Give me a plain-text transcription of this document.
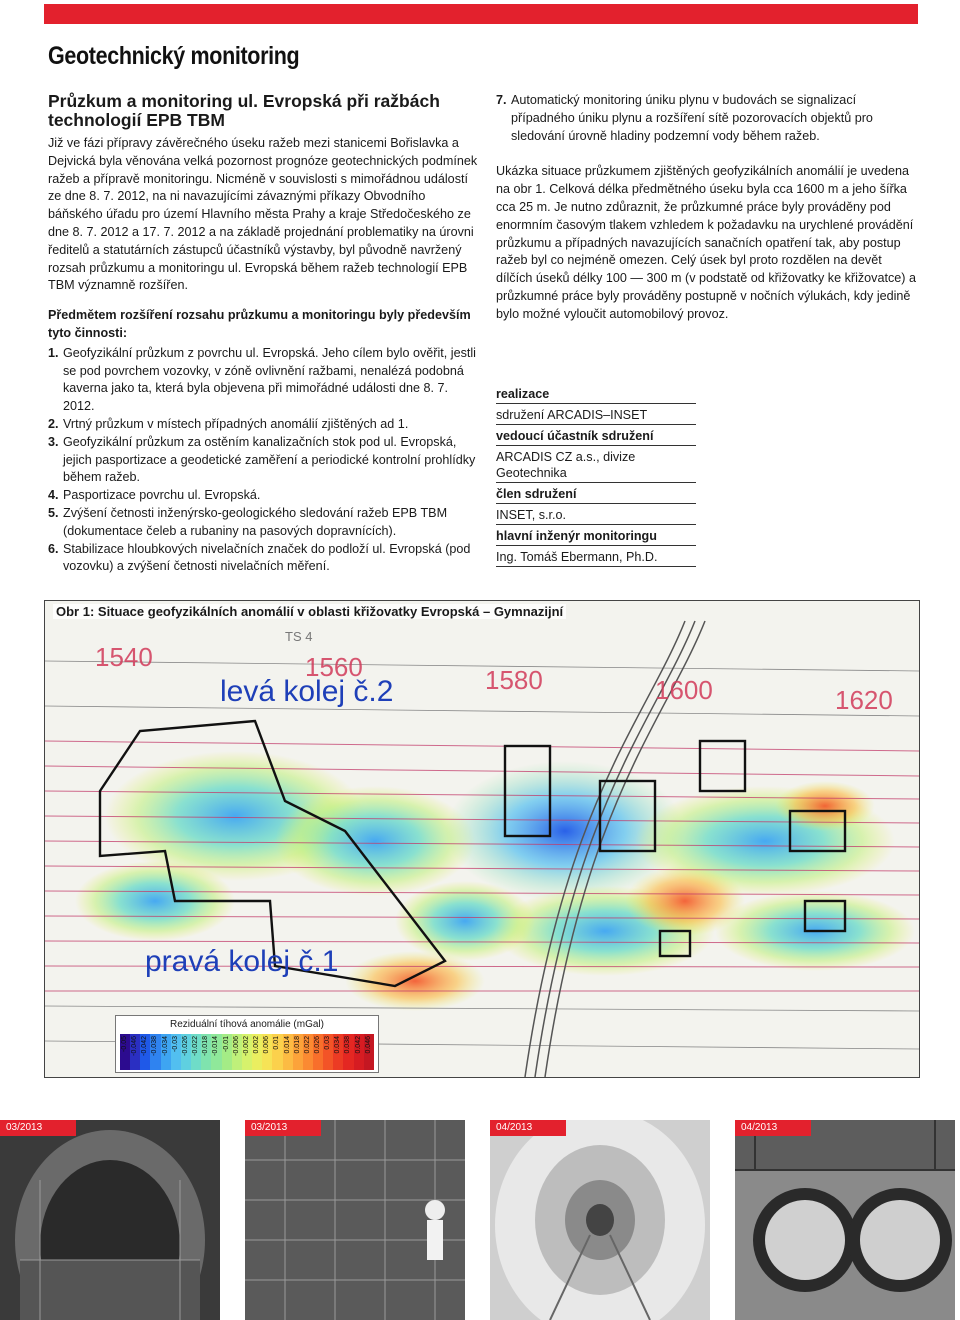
Geotechnický monitoring
Průzkum a monitoring ul. Evropská při ražbách technologií EPB TBM

Již ve fázi přípravy závěrečného úseku ražeb mezi stanicemi Bořislavka a Dejvická byla věnována velká pozornost prognóze geotechnických podmínek ražeb a přípravě monitoringu. Nicméně v souvislosti s mimořádnou událostí ze dne 8. 7. 2012, na ni navazujícími závaznými příkazy Obvodního báňského úřadu pro území Hlavního města Prahy a kraje Středočeského ze dne 8. 7. 2012 a 17. 7. 2012 a na základě projednání problematiky na úrovni ředitelů a statutárních zástupců účastníků výstavby, byl původně navržený rozsah průzkumu a monitoringu ul. Evropská během ražeb technologií EPB TBM významně rozšířen.

Předmětem rozšíření rozsahu průzkumu a monitoringu byly především tyto činnosti:
1. Geofyzikální průzkum z povrchu ul. Evropská. Jeho cílem bylo ověřit, jestli se pod povrchem vozovky, v zóně ovlivnění ražbami, nenalézá podobná kaverna jako ta, která byla objevena při mimořádné události dne 8. 7. 2012.
2. Vrtný průzkum v místech případných anomálií zjištěných ad 1.
3. Geofyzikální průzkum za ostěním kanalizačních stok pod ul. Evropská, jejich pasportizace a geodetické zaměření a periodické kontrolní prohlídky během ražeb.
4. Pasportizace povrchu ul. Evropská.
5. Zvýšení četnosti inženýrsko-geologického sledování ražeb EPB TBM (dokumentace čeleb a rubaniny na pasových dopravnících).
6. Stabilizace hloubkových nivelačních značek do podloží ul. Evropská (pod vozovku) a zvýšení četnosti nivelačních měření.
7. Automatický monitoring úniku plynu v budovách se signalizací případného úniku plynu a rozšíření sítě pozorovacích objektů pro sledování úrovně hladiny podzemní vody během ražeb.

Ukázka situace průzkumem zjištěných geofyzikálních anomálií je uvedena na obr 1. Celková délka předmětného úseku byla cca 1600 m a jeho šířka cca 25 m. Je nutno zdůraznit, že průzkumné práce byly prováděny pod enormním časovým tlakem vzhledem k požadavku na urychlené provádění průzkumu a případných navazujících sanačních opatření tak, aby postup ražeb byl co nejméně omezen. Celý úsek byl proto rozdělen na devět dílčích úseků délky 100 — 300 m (v podstatě od křižovatky ke křižovatce) a průzkumné práce byly prováděny postupně v nočních výlukách, kdy jedině bylo možné vyloučit automobilový provoz.

realizace
sdružení ARCADIS–INSET
vedoucí účastník sdružení
ARCADIS CZ a.s., divize Geotechnika
člen sdružení
INSET, s.r.o.
hlavní inženýr monitoringu
Ing. Tomáš Ebermann, Ph.D.
Obr 1: Situace geofyzikálních anomálií v oblasti křižovatky Evropská – Gymnazijní
levá kolej č.2
pravá kolej č.1
1540	1560	1580	1600	1620
TS 4
Reziduální tíhová anomálie (mGal)
-0.05 -0.046 -0.042 -0.038 -0.034 -0.03 -0.026 -0.022 -0.018 -0.014 -0.01 -0.006 -0.002 0.002 0.006 0.01 0.014 0.018 0.022 0.026 0.03 0.034 0.038 0.042 0.046
03/2013	03/2013	04/2013	04/2013
